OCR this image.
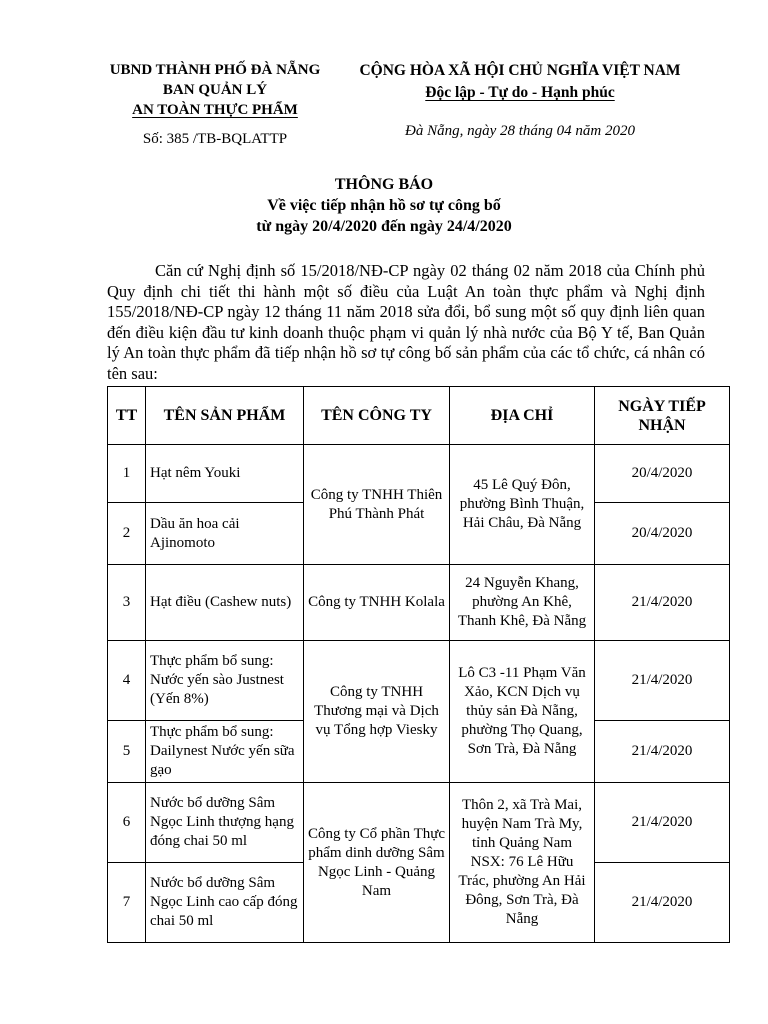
UBND THÀNH PHỐ ĐÀ NẴNG
BAN QUẢN LÝ
AN TOÀN THỰC PHẨM
Số: 385 /TB-BQLATTP
CỘNG HÒA XÃ HỘI CHỦ NGHĨA VIỆT NAM
Độc lập - Tự do - Hạnh phúc
Đà Nẵng, ngày 28 tháng 04 năm 2020
THÔNG BÁO
Về việc tiếp nhận hồ sơ tự công bố
từ ngày 20/4/2020 đến ngày 24/4/2020
Căn cứ Nghị định số 15/2018/NĐ-CP ngày 02 tháng 02 năm 2018 của Chính phủ Quy định chi tiết thi hành một số điều của Luật An toàn thực phẩm và Nghị định 155/2018/NĐ-CP ngày 12 tháng 11 năm 2018 sửa đổi, bổ sung một số quy định liên quan đến điều kiện đầu tư kinh doanh thuộc phạm vi quản lý nhà nước của Bộ Y tế, Ban Quản lý An toàn thực phẩm đã tiếp nhận hồ sơ tự công bố sản phẩm của các tổ chức, cá nhân có tên sau:
TT	TÊN SẢN PHẨM	TÊN CÔNG TY	ĐỊA CHỈ	NGÀY TIẾP NHẬN
1	Hạt nêm Youki	Công ty TNHH Thiên Phú Thành Phát	45 Lê Quý Đôn, phường Bình Thuận, Hải Châu, Đà Nẵng	20/4/2020
2	Dầu ăn hoa cải Ajinomoto			20/4/2020
3	Hạt điều (Cashew nuts)	Công ty TNHH Kolala	24 Nguyễn Khang, phường An Khê, Thanh Khê, Đà Nẵng	21/4/2020
4	Thực phẩm bổ sung: Nước yến sào Justnest (Yến 8%)	Công ty TNHH Thương mại và Dịch vụ Tổng hợp Viesky	Lô C3 -11 Phạm Văn Xảo, KCN Dịch vụ thủy sản Đà Nẵng, phường Thọ Quang, Sơn Trà, Đà Nẵng	21/4/2020
5	Thực phẩm bổ sung: Dailynest Nước yến sữa gạo			21/4/2020
6	Nước bổ dưỡng Sâm Ngọc Linh thượng hạng đóng chai 50 ml	Công ty Cổ phần Thực phẩm dinh dưỡng Sâm Ngọc Linh - Quảng Nam	Thôn 2, xã Trà Mai, huyện Nam Trà My, tỉnh Quảng Nam NSX: 76 Lê Hữu Trác, phường An Hải Đông, Sơn Trà, Đà Nẵng	21/4/2020
7	Nước bổ dưỡng Sâm Ngọc Linh cao cấp đóng chai 50 ml			21/4/2020
